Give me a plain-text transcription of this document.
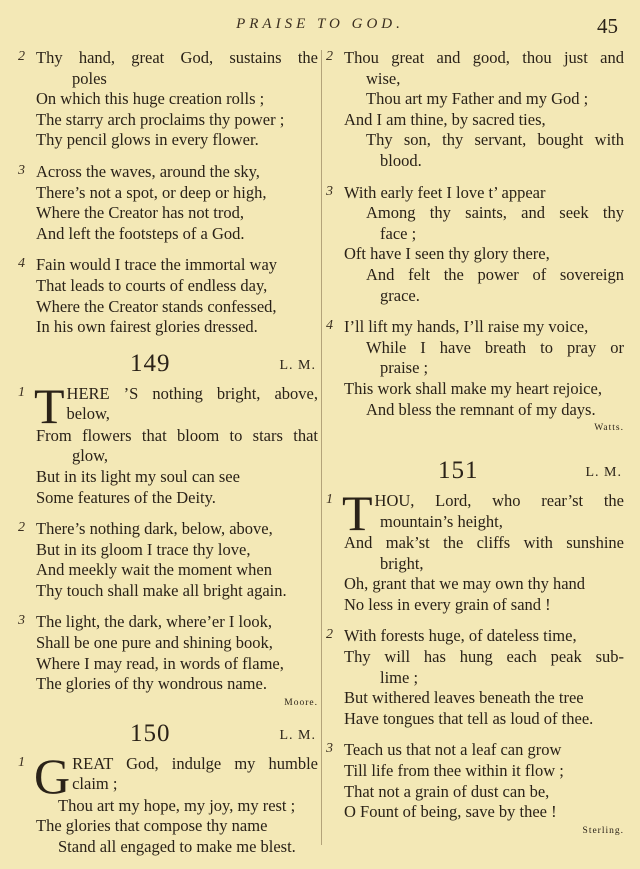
PRAISE TO GOD.	45
2 Thy hand, great God, sustains the
poles
On which this huge creation rolls ;
The starry arch proclaims thy power ;
Thy pencil glows in every flower.
3 Across the waves, around the sky,
There’s not a spot, or deep or high,
Where the Creator has not trod,
And left the footsteps of a God.
4 Fain would I trace the immortal way
That leads to courts of endless day,
Where the Creator stands confessed,
In his own fairest glories dressed.
149	L. M.
1 T HERE ’S nothing bright, above,
below,
From flowers that bloom to stars that
glow,
But in its light my soul can see
Some features of the Deity.
2 There’s nothing dark, below, above,
But in its gloom I trace thy love,
And meekly wait the moment when
Thy touch shall make all bright again.
3 The light, the dark, where’er I look,
Shall be one pure and shining book,
Where I may read, in words of flame,
The glories of thy wondrous name.
Moore.
150	L. M.
1 G REAT God, indulge my humble
claim ;
Thou art my hope, my joy, my rest ;
The glories that compose thy name
Stand all engaged to make me blest.
2 Thou great and good, thou just and
wise,
Thou art my Father and my God ;
And I am thine, by sacred ties,
Thy son, thy servant, bought with
blood.
3 With early feet I love t’ appear
Among thy saints, and seek thy
face ;
Oft have I seen thy glory there,
And felt the power of sovereign
grace.
4 I’ll lift my hands, I’ll raise my voice,
While I have breath to pray or
praise ;
This work shall make my heart rejoice,
And bless the remnant of my days.
Watts.
151	L. M.
1 T HOU, Lord, who rear’st the
mountain’s height,
And mak’st the cliffs with sunshine
bright,
Oh, grant that we may own thy hand
No less in every grain of sand !
2 With forests huge, of dateless time,
Thy will has hung each peak sub-
lime ;
But withered leaves beneath the tree
Have tongues that tell as loud of thee.
3 Teach us that not a leaf can grow
Till life from thee within it flow ;
That not a grain of dust can be,
O Fount of being, save by thee !
Sterling.
